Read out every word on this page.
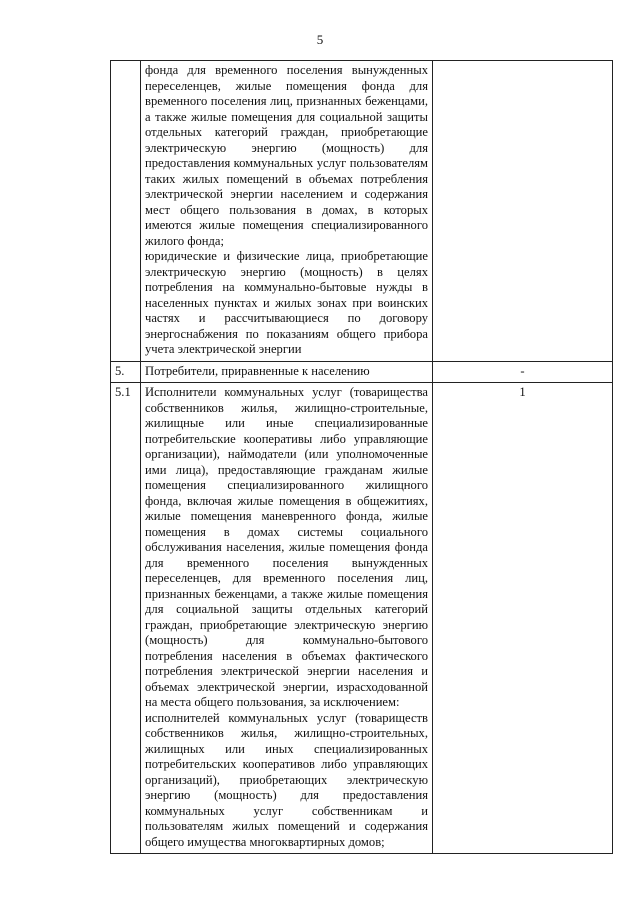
5

	фонда для временного поселения вынужденных переселенцев, жилые помещения фонда для временного поселения лиц, признанных беженцами, а также жилые помещения для социальной защиты отдельных категорий граждан, приобретающие электрическую энергию (мощность) для предоставления коммунальных услуг пользователям таких жилых помещений в объемах потребления электрической энергии населением и содержания мест общего пользования в домах, в которых имеются жилые помещения специализированного жилого фонда;

юридические и физические лица, приобретающие электрическую энергию (мощность) в целях потребления на коммунально-бытовые нужды в населенных пунктах и жилых зонах при воинских частях и рассчитывающиеся по договору энергоснабжения по показаниям общего прибора учета электрической энергии	

5.	Потребители, приравненные к населению	-
5.1	Исполнители коммунальных услуг (товарищества собственников жилья, жилищно-строительные, жилищные или иные специализированные потребительские кооперативы либо управляющие организации), наймодатели (или уполномоченные ими лица), предоставляющие гражданам жилые помещения специализированного жилищного фонда, включая жилые помещения в общежитиях, жилые помещения маневренного фонда, жилые помещения в домах системы социального обслуживания населения, жилые помещения фонда для временного поселения вынужденных переселенцев, для временного поселения лиц, признанных беженцами, а также жилые помещения для социальной защиты отдельных категорий граждан, приобретающие электрическую энергию (мощность) для коммунально-бытового потребления населения в объемах фактического потребления электрической энергии населения и объемах электрической энергии, израсходованной на места общего пользования, за исключением:

исполнителей коммунальных услуг (товариществ собственников жилья, жилищно-строительных, жилищных или иных специализированных потребительских кооперативов либо управляющих организаций), приобретающих электрическую энергию (мощность) для предоставления коммунальных услуг собственникам и пользователям жилых помещений и содержания общего имущества многоквартирных домов;	1
